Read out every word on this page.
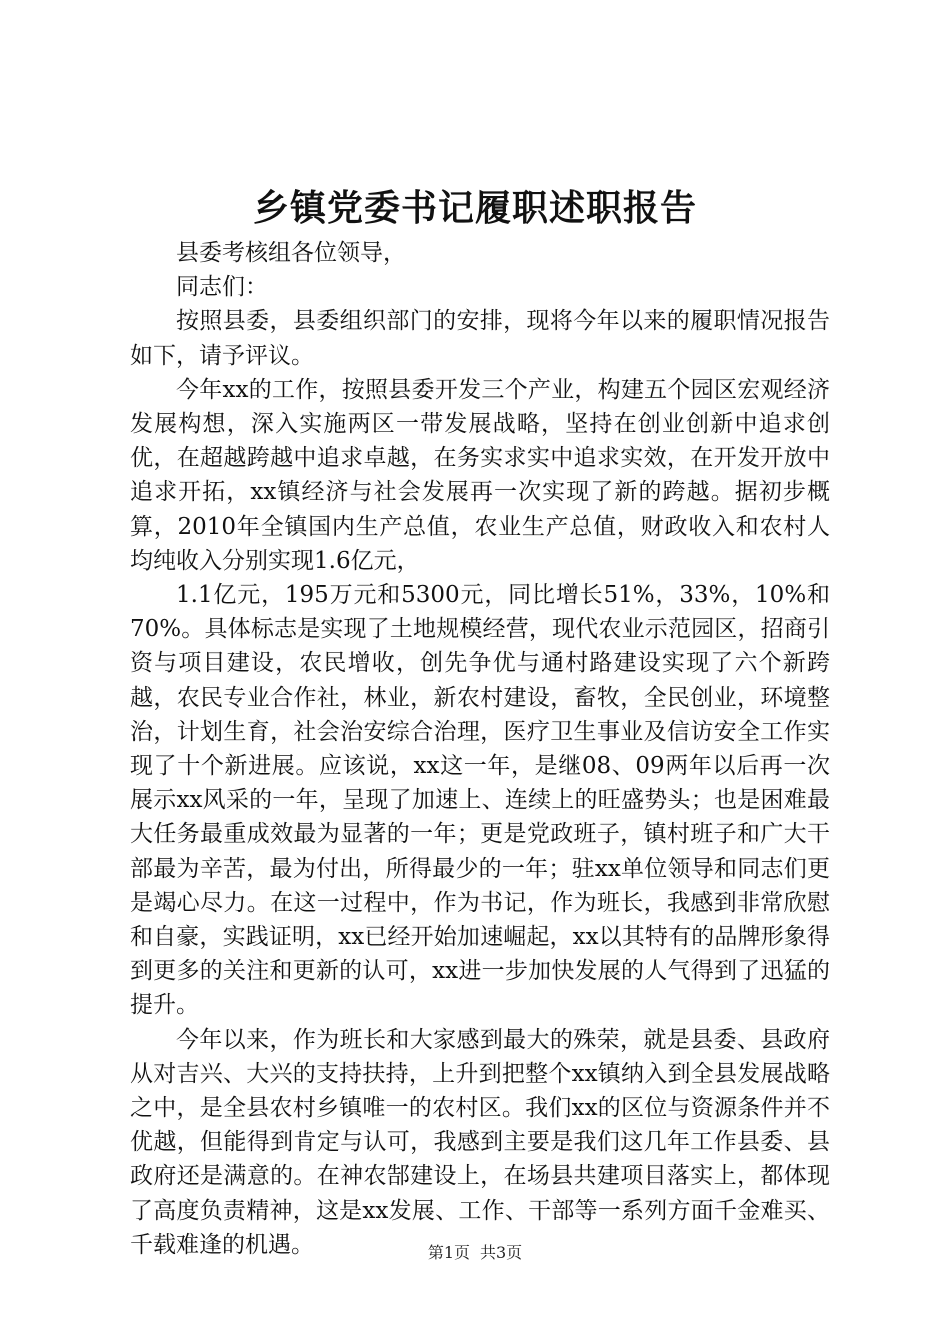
乡镇党委书记履职述职报告

县委考核组各位领导，

同志们：

按照县委，县委组织部门的安排，现将今年以来的履职情况报告如下，请予评议。

今年xx的工作，按照县委开发三个产业，构建五个园区宏观经济发展构想，深入实施两区一带发展战略，坚持在创业创新中追求创优，在超越跨越中追求卓越，在务实求实中追求实效，在开发开放中追求开拓，xx镇经济与社会发展再一次实现了新的跨越。据初步概算，2010年全镇国内生产总值，农业生产总值，财政收入和农村人均纯收入分别实现1.6亿元，

1.1亿元，195万元和5300元，同比增长51%，33%，10%和70%。具体标志是实现了土地规模经营，现代农业示范园区，招商引资与项目建设，农民增收，创先争优与通村路建设实现了六个新跨越，农民专业合作社，林业，新农村建设，畜牧，全民创业，环境整治，计划生育，社会治安综合治理，医疗卫生事业及信访安全工作实现了十个新进展。应该说，xx这一年，是继08、09两年以后再一次展示xx风采的一年，呈现了加速上、连续上的旺盛势头；也是困难最大任务最重成效最为显著的一年；更是党政班子，镇村班子和广大干部最为辛苦，最为付出，所得最少的一年；驻xx单位领导和同志们更是竭心尽力。在这一过程中，作为书记，作为班长，我感到非常欣慰和自豪，实践证明，xx已经开始加速崛起，xx以其特有的品牌形象得到更多的关注和更新的认可，xx进一步加快发展的人气得到了迅猛的提升。

今年以来，作为班长和大家感到最大的殊荣，就是县委、县政府从对吉兴、大兴的支持扶持，上升到把整个xx镇纳入到全县发展战略之中，是全县农村乡镇唯一的农村区。我们xx的区位与资源条件并不优越，但能得到肯定与认可，我感到主要是我们这几年工作县委、县政府还是满意的。在神农郜建设上，在场县共建项目落实上，都体现了高度负责精神，这是xx发展、工作、干部等一系列方面千金难买、千载难逢的机遇。	第1页 共3页
